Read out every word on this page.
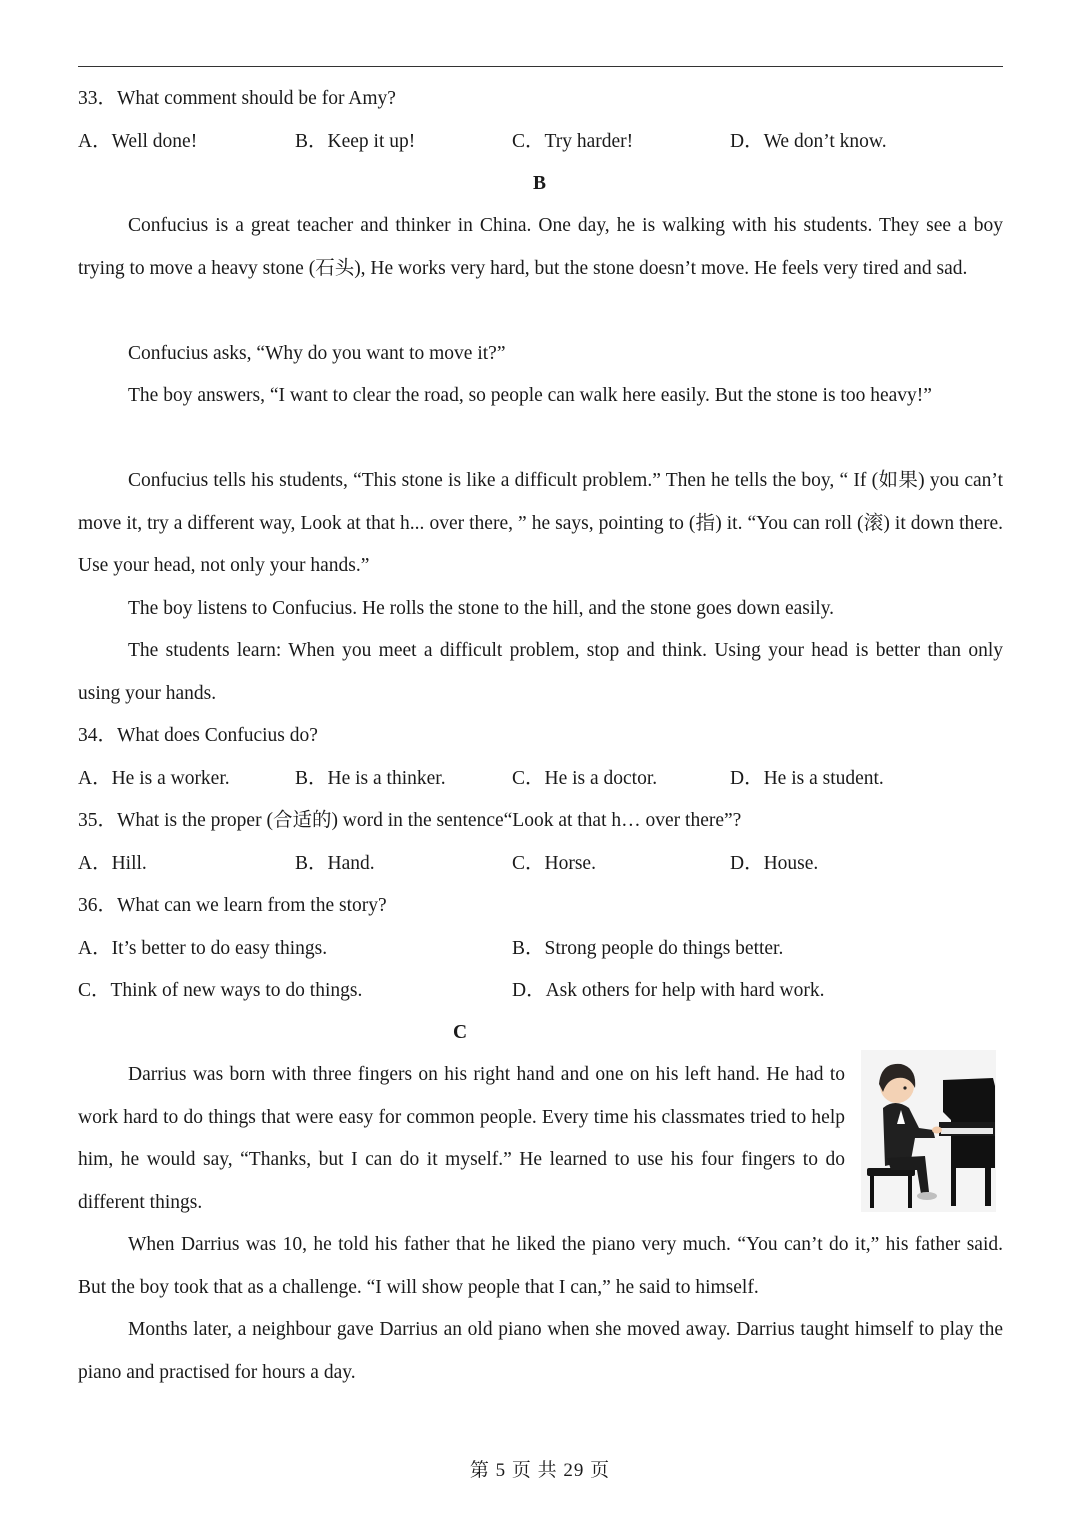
33．What comment should be for Amy?
A．Well done!	B．Keep it up!	C．Try harder!	D．We don’t know.
B

Confucius is a great teacher and thinker in China. One day, he is walking with his students. They see a boy trying to move a heavy stone (石头), He works very hard, but the stone doesn’t move. He feels very tired and sad.

Confucius asks, “Why do you want to move it?”

The boy answers, “I want to clear the road, so people can walk here easily. But the stone is too heavy!”

Confucius tells his students, “This stone is like a difficult problem.” Then he tells the boy, “ If (如果) you can’t move it, try a different way, Look at that h... over there, ” he says, pointing to (指) it. “You can roll (滚) it down there. Use your head, not only your hands.”

The boy listens to Confucius. He rolls the stone to the hill, and the stone goes down easily.

The students learn: When you meet a difficult problem, stop and think. Using your head is better than only using your hands.

34．What does Confucius do?
A．He is a worker.	B．He is a thinker.	C．He is a doctor.	D．He is a student.
35．What is the proper (合适的) word in the sentence“Look at that h… over there”?
A．Hill.	B．Hand.	C．Horse.	D．House.
36．What can we learn from the story?
A．It’s better to do easy things.	B．Strong people do things better.
C．Think of new ways to do things.	D．Ask others for help with hard work.
C

Darrius was born with three fingers on his right hand and one on his left hand. He had to work hard to do things that were easy for common people. Every time his classmates tried to help him, he would say, “Thanks, but I can do it myself.” He learned to use his four fingers to do different things.

When Darrius was 10, he told his father that he liked the piano very much. “You can’t do it,” his father said. But the boy took that as a challenge. “I will show people that I can,” he said to himself.

Months later, a neighbour gave Darrius an old piano when she moved away. Darrius taught himself to play the piano and practised for hours a day.

第 5 页 共 29 页
